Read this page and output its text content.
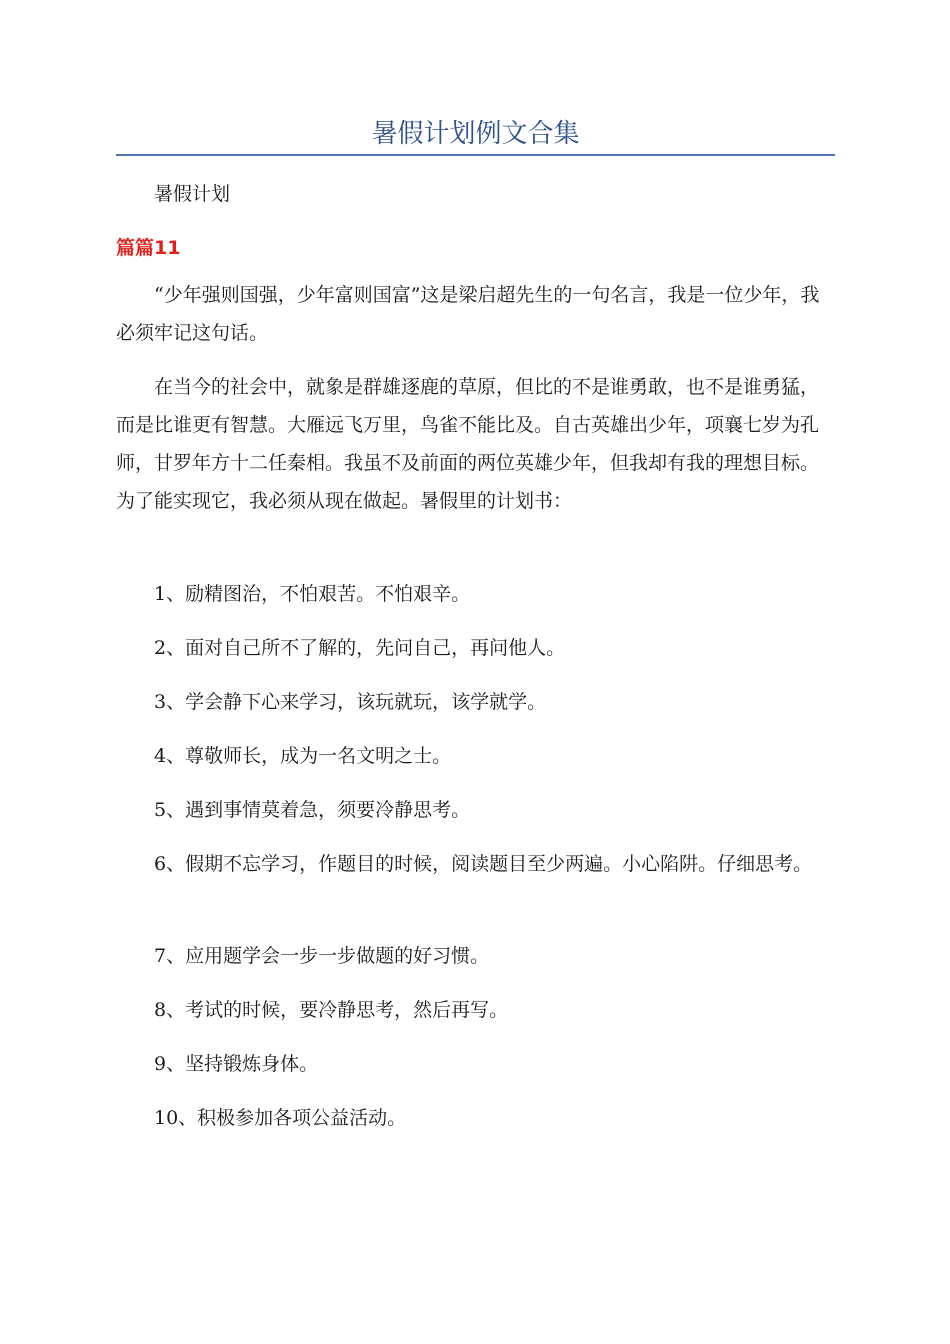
暑假计划例文合集

暑假计划

篇篇11

“少年强则国强，少年富则国富”这是梁启超先生的一句名言，我是一位少年，我必须牢记这句话。

在当今的社会中，就象是群雄逐鹿的草原，但比的不是谁勇敢，也不是谁勇猛，而是比谁更有智慧。大雁远飞万里，鸟雀不能比及。自古英雄出少年，项襄七岁为孔师，甘罗年方十二任秦相。我虽不及前面的两位英雄少年，但我却有我的理想目标。为了能实现它，我必须从现在做起。暑假里的计划书：

1、励精图治，不怕艰苦。不怕艰辛。

2、面对自己所不了解的，先问自己，再问他人。

3、学会静下心来学习，该玩就玩，该学就学。

4、尊敬师长，成为一名文明之士。

5、遇到事情莫着急，须要冷静思考。

6、假期不忘学习，作题目的时候，阅读题目至少两遍。小心陷阱。仔细思考。

7、应用题学会一步一步做题的好习惯。

8、考试的时候，要冷静思考，然后再写。

9、坚持锻炼身体。

10、积极参加各项公益活动。
